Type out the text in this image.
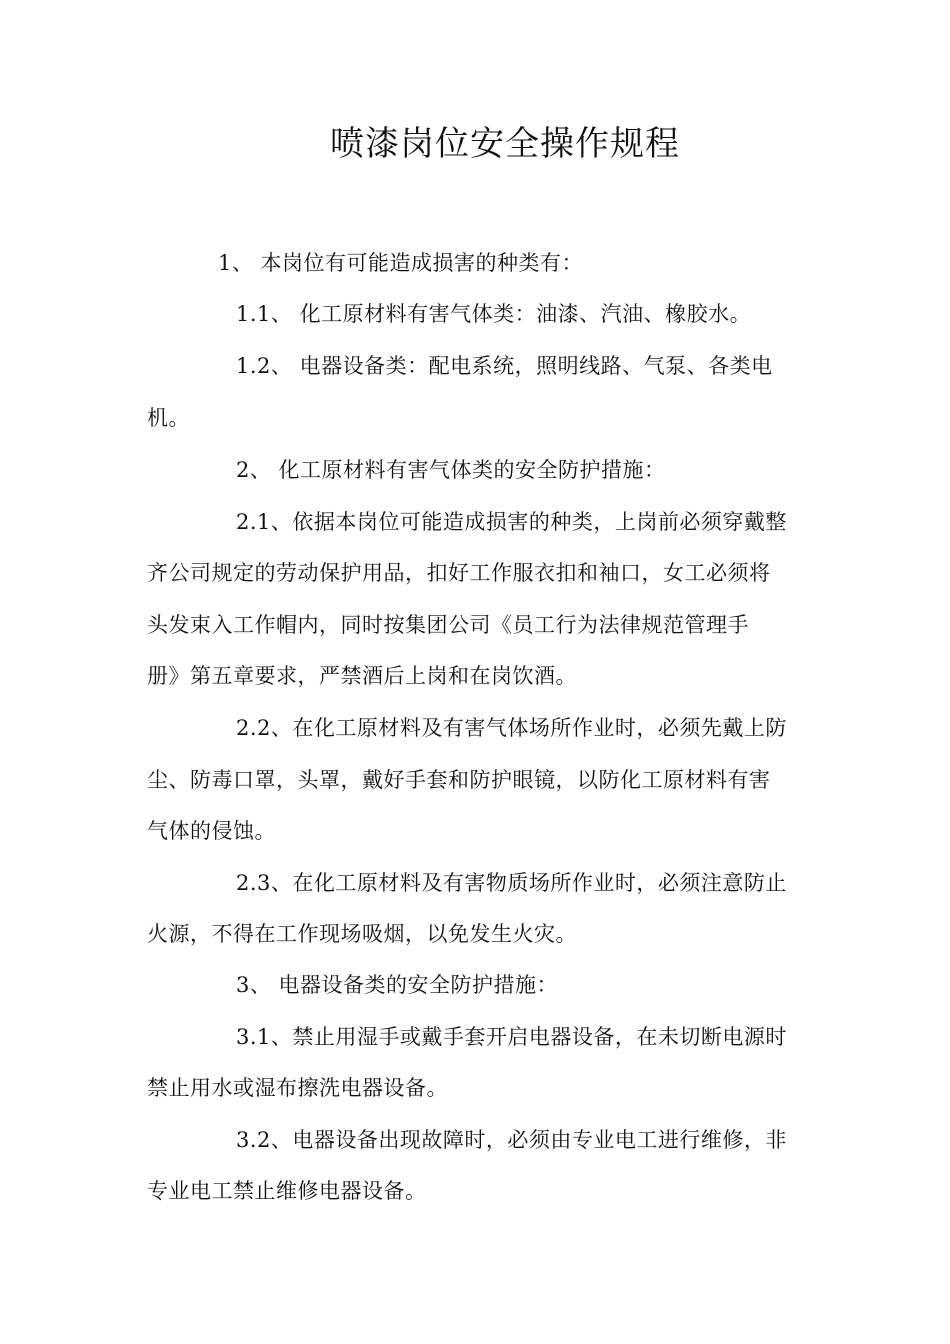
喷漆岗位安全操作规程
1、 本岗位有可能造成损害的种类有：
1.1、 化工原材料有害气体类：油漆、汽油、橡胶水。
1.2、 电器设备类：配电系统，照明线路、气泵、各类电
机。
2、 化工原材料有害气体类的安全防护措施：
2.1、依据本岗位可能造成损害的种类，上岗前必须穿戴整
齐公司规定的劳动保护用品，扣好工作服衣扣和袖口，女工必须将
头发束入工作帽内，同时按集团公司《员工行为法律规范管理手
册》第五章要求，严禁酒后上岗和在岗饮酒。
2.2、在化工原材料及有害气体场所作业时，必须先戴上防
尘、防毒口罩，头罩，戴好手套和防护眼镜，以防化工原材料有害
气体的侵蚀。
2.3、在化工原材料及有害物质场所作业时，必须注意防止
火源，不得在工作现场吸烟，以免发生火灾。
3、 电器设备类的安全防护措施：
3.1、禁止用湿手或戴手套开启电器设备，在未切断电源时
禁止用水或湿布擦洗电器设备。
3.2、电器设备出现故障时，必须由专业电工进行维修，非
专业电工禁止维修电器设备。
